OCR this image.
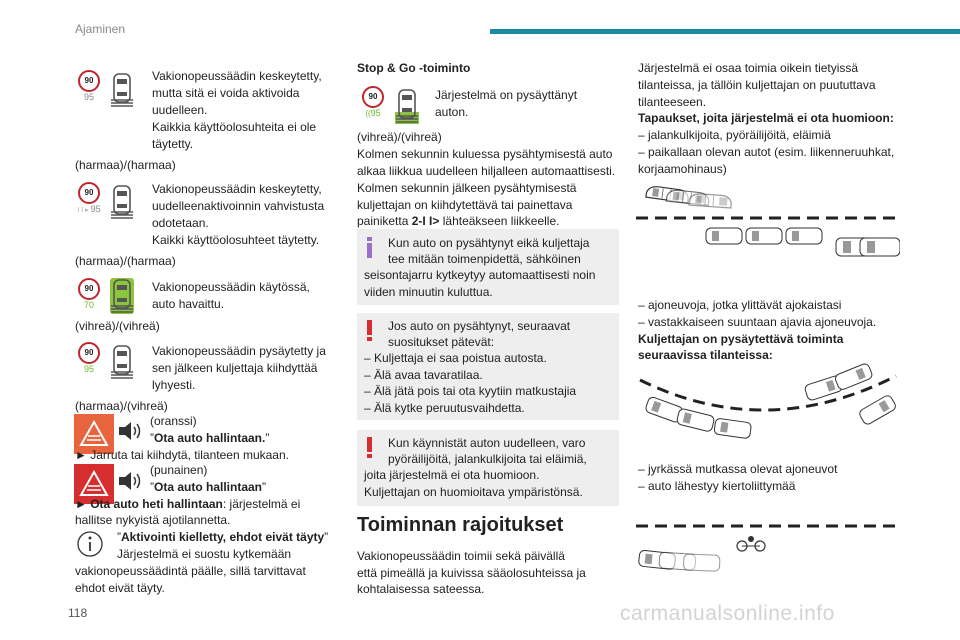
Ajaminen
118	carmanualsonline.info
90
95
Vakionopeussäädin keskeytetty,
mutta sitä ei voida aktivoida
uudelleen.
Kaikkia käyttöolosuhteita ei ole
täytetty.
(harmaa)/(harmaa)
90
I I ▸ 95
Vakionopeussäädin keskeytetty,
uudelleenaktivoinnin vahvistusta
odotetaan.
Kaikki käyttöolosuhteet täytetty.
(harmaa)/(harmaa)
90
70
Vakionopeussäädin käytössä,
auto havaittu.
(vihreä)/(vihreä)
90
95
Vakionopeussäädin pysäytetty ja
sen jälkeen kuljettaja kiihdyttää
lyhyesti.
(harmaa)/(vihreä)
(oranssi)
”Ota auto hallintaan.”
► Jarruta tai kiihdytä, tilanteen mukaan.
(punainen)
”Ota auto hallintaan”
► Ota auto heti hallintaan: järjestelmä ei
hallitse nykyistä ajotilannetta.
”Aktivointi kielletty, ehdot eivät täyty”
Järjestelmä ei suostu kytkemään
vakionopeussäädintä päälle, sillä tarvittavat
ehdot eivät täyty.
Stop & Go -toiminto
90
((95
Järjestelmä on pysäyttänyt
auton.
(vihreä)/(vihreä)
Kolmen sekunnin kuluessa pysähtymisestä auto
alkaa liikkua uudelleen hiljalleen automaattisesti.
Kolmen sekunnin jälkeen pysähtymisestä
kuljettajan on kiihdytettävä tai painettava
painiketta 2-I I> lähteäkseen liikkeelle.
Kun auto on pysähtynyt eikä kuljettaja
tee mitään toimenpidettä, sähköinen
seisontajarru kytkeytyy automaattisesti noin
viiden minuutin kuluttua.
Jos auto on pysähtynyt, seuraavat
suositukset pätevät:
– Kuljettaja ei saa poistua autosta.
– Älä avaa tavaratilaa.
– Älä jätä pois tai ota kyytiin matkustajia
– Älä kytke peruutusvaihdetta.
Kun käynnistät auton uudelleen, varo
pyöräilijöitä, jalankulkijoita tai eläimiä,
joita järjestelmä ei ota huomioon.
Kuljettajan on huomioitava ympäristönsä.
Toiminnan rajoitukset
Vakionopeussäädin toimii sekä päivällä
että pimeällä ja kuivissa sääolosuhteissa ja
kohtalaisessa sateessa.
Järjestelmä ei osaa toimia oikein tietyissä
tilanteissa, ja tällöin kuljettajan on puututtava
tilanteeseen.
Tapaukset, joita järjestelmä ei ota huomioon:
– jalankulkijoita, pyöräilijöitä, eläimiä
– paikallaan olevan autot (esim. liikenneruuhkat,
korjaamohinaus)
– ajoneuvoja, jotka ylittävät ajokaistasi
– vastakkaiseen suuntaan ajavia ajoneuvoja.
Kuljettajan on pysäytettävä toiminta
seuraavissa tilanteissa:
– jyrkässä mutkassa olevat ajoneuvot
– auto lähestyy kiertoliittymää
